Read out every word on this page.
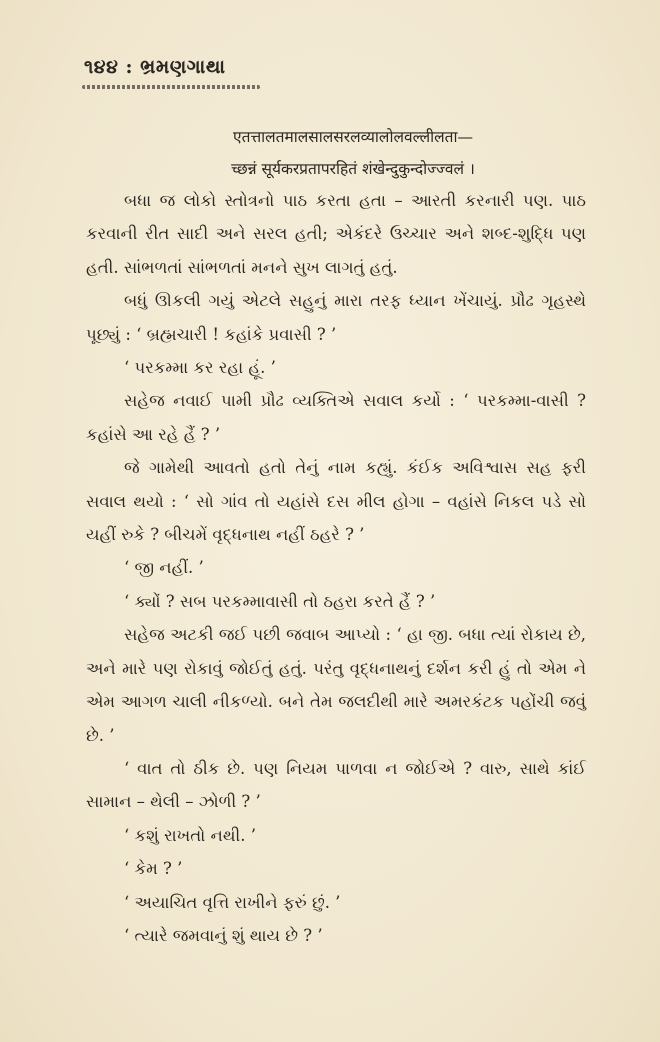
૧૪૪ : ભ્રમણગાથા
एतत्तालतमालसालसरलव्यालोलवल्लीलता—
च्छन्नं सूर्यकरप्रतापरहितं शंखेन्दुकुन्दोज्ज्वलं ।

બધા જ લોકો સ્તોત્રનો પાઠ કરતા હતા – આરતી કરનારી પણ. પાઠ કરવાની રીત સાદી અને સરલ હતી; એકંદરે ઉચ્ચાર અને શબ્દ-શુદ્ધિ પણ હતી. સાંભળતાં સાંભળતાં મનને સુખ લાગતું હતું.

બધું ઊકલી ગયું એટલે સહુનું મારા તરફ ધ્યાન ખેંચાયું. પ્રૌઢ ગૃહસ્થે પૂછ્યું : ‘ બ્રહ્મચારી ! કહાંકે પ્રવાસી ? ’

‘ પરકમ્મા કર રહા હૂં. ’

સહેજ નવાઈ પામી પ્રૌઢ વ્યક્તિએ સવાલ કર્યો : ‘ પરકમ્મા-વાસી ? કહાંસે આ રહે હૈં ? ’

જે ગામેથી આવતો હતો તેનું નામ કહ્યું. કંઈક અવિશ્વાસ સહ ફરી સવાલ થયો : ‘ સો ગાંવ તો યહાંસે દસ મીલ હોગા – વહાંસે નિકલ પડે સો યહીં રુકે ? બીચમેં વૃદ્ધનાથ નહીં ઠહરે ? ’

‘ જી નહીં. ’

‘ ક્યોં ? સબ પરકમ્માવાસી તો ઠહરા કરતે હૈં ? ’

સહેજ અટકી જઈ પછી જવાબ આપ્યો : ‘ હા જી. બધા ત્યાં રોકાય છે, અને મારે પણ રોકાવું જોઈતું હતું. પરંતુ વૃદ્ધનાથનું દર્શન કરી હું તો એમ ને એમ આગળ ચાલી નીકળ્યો. બને તેમ જલદીથી મારે અમરકંટક પહોંચી જવું છે. ’

‘ વાત તો ઠીક છે. પણ નિયમ પાળવા ન જોઈએ ? વારુ, સાથે કાંઈ સામાન – થેલી – ઝોળી ? ’

‘ કશું રાખતો નથી. ’

‘ કેમ ? ’

‘ અયાચિત વૃત્તિ રાખીને ફરું છું. ’

‘ ત્યારે જમવાનું શું થાય છે ? ’
